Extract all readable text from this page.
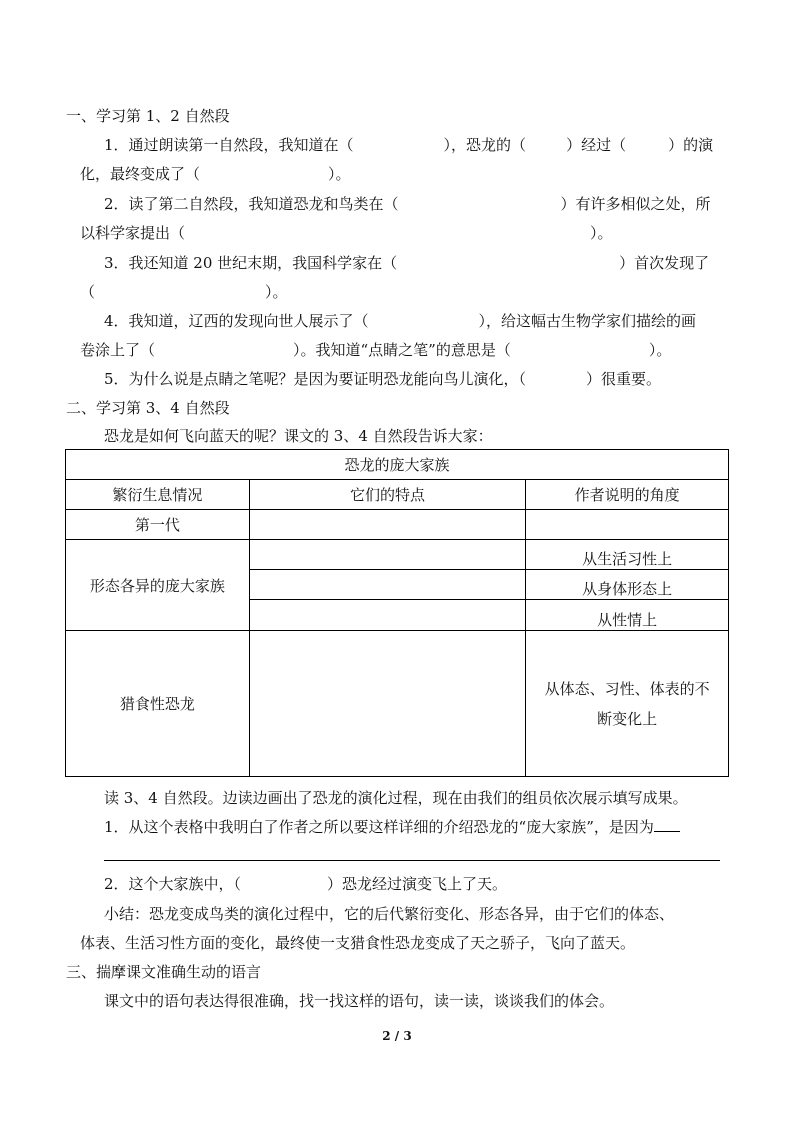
一、学习第 1、2 自然段
1．通过朗读第一自然段，我知道在（	），恐龙的（	）经过（	）的演
化，最终变成了（	）。
2．读了第二自然段，我知道恐龙和鸟类在（	）有许多相似之处，所
以科学家提出（	）。
3．我还知道 20 世纪末期，我国科学家在（	）首次发现了
（	）。
4．我知道，辽西的发现向世人展示了（	），给这幅古生物学家们描绘的画
卷涂上了（	）。我知道“点睛之笔”的意思是（	）。
5．为什么说是点睛之笔呢？是因为要证明恐龙能向鸟儿演化，（	）很重要。
二、学习第 3、4 自然段
恐龙是如何飞向蓝天的呢？课文的 3、4 自然段告诉大家：
恐龙的庞大家族		
繁衍生息情况	它们的特点	作者说明的角度
第一代		
形态各异的庞大家族		从生活习性上
		从身体形态上
		从性情上
猎食性恐龙		从体态、习性、体表的不
断变化上
读 3、4 自然段。边读边画出了恐龙的演化过程，现在由我们的组员依次展示填写成果。
1．从这个表格中我明白了作者之所以要这样详细的介绍恐龙的“庞大家族”，是因为
2．这个大家族中，（	）恐龙经过演变飞上了天。
小结：恐龙变成鸟类的演化过程中，它的后代繁衍变化、形态各异，由于它们的体态、
体表、生活习性方面的变化，最终使一支猎食性恐龙变成了天之骄子，飞向了蓝天。
三、揣摩课文准确生动的语言
课文中的语句表达得很准确，找一找这样的语句，读一读，谈谈我们的体会。
2 / 3
